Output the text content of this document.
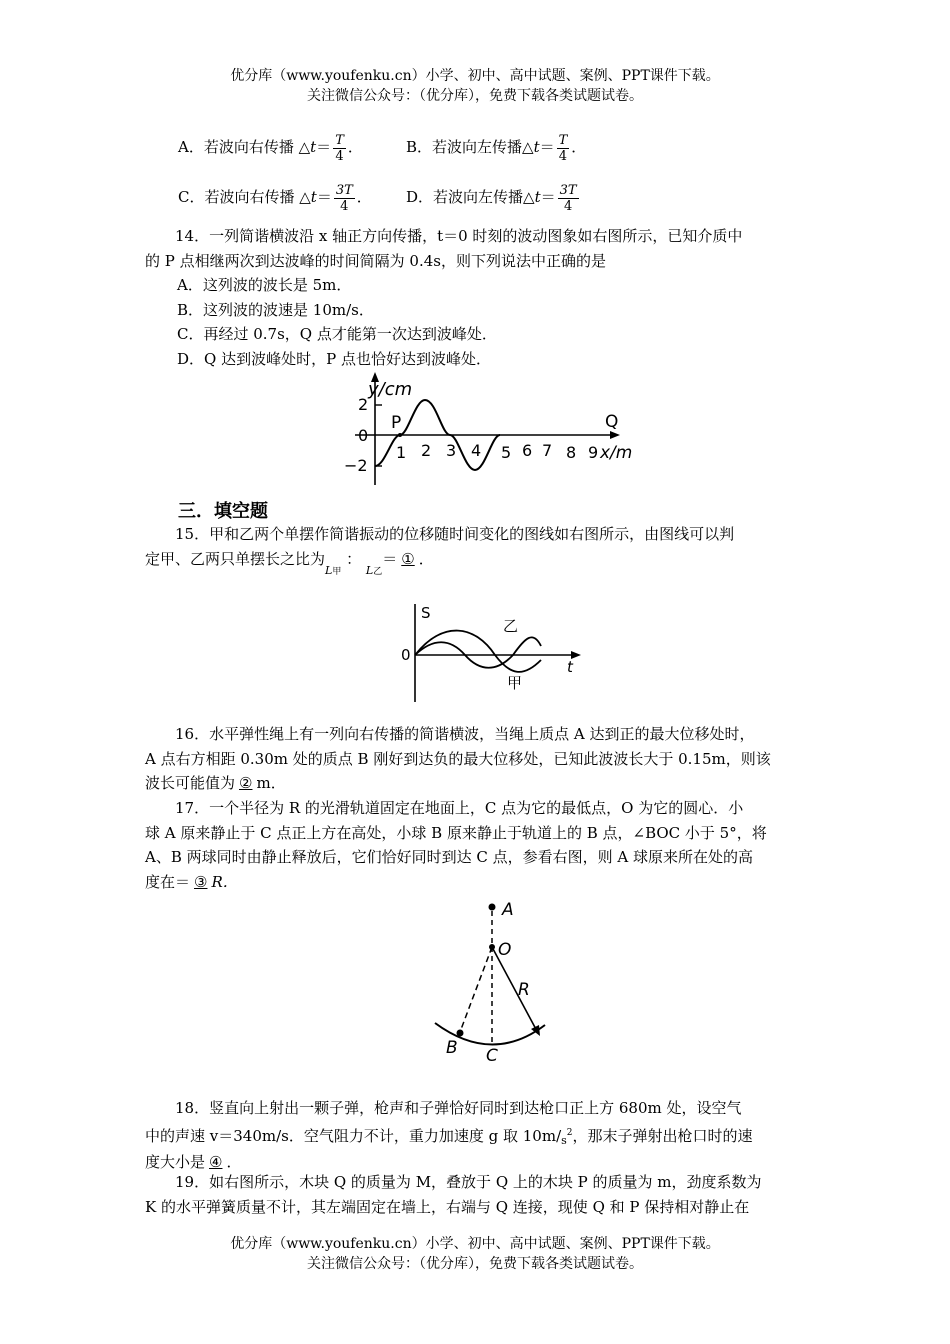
优分库（www.youfenku.cn）小学、初中、高中试题、案例、PPT课件下载。
关注微信公众号：（优分库），免费下载各类试题试卷。
A．若波向右传播 △t＝ $\frac{T}{4}$ ．	B．若波向左传播△t＝ $\frac{T}{4}$ ．
C．若波向右传播 △t＝ $\frac{3T}{4}$ ． D．若波向左传播△t＝ $\frac{3T}{4}$

14．一列简谐横波沿 x 轴正方向传播，t＝0 时刻的波动图象如右图所示，已知介质中

的 P 点相继两次到达波峰的时间简隔为 0.4s，则下列说法中正确的是

A．这列波的波长是 5m．

B．这列波的波速是 10m/s．

C．再经过 0.7s，Q 点才能第一次达到波峰处．

D．Q 达到波峰处时，P 点也恰好达到波峰处．

y/cm
2
0
−2
P	Q
1 2 3 4 5 6 7 8 9 x/m
三．填空题

15．甲和乙两个单摆作简谐振动的位移随时间变化的图线如右图所示，由图线可以判

定甲、乙两只单摆长之比为$_{L甲}$ ： $_{L乙}$＝ ① ．

S
0
t
乙
甲

16．水平弹性绳上有一列向右传播的简谐横波，当绳上质点 A 达到正的最大位移处时，

A 点右方相距 0.30m 处的质点 B 刚好到达负的最大位移处，已知此波波长大于 0.15m，则该

波长可能值为 ② m．

17．一个半径为 R 的光滑轨道固定在地面上，C 点为它的最低点，O 为它的圆心．小

球 A 原来静止于 C 点正上方在高处，小球 B 原来静止于轨道上的 B 点，∠BOC 小于 5°，将

A、B 两球同时由静止释放后，它们恰好同时到达 C 点，参看右图，则 A 球原来所在处的高

度在＝ ③ R．

A
O
R
B C

18．竖直向上射出一颗子弹，枪声和子弹恰好同时到达枪口正上方 680m 处，设空气

中的声速 v＝340m/s．空气阻力不计，重力加速度 g 取 $10m/_s^2$，那末子弹射出枪口时的速

度大小是 ④ ．

19．如右图所示，木块 Q 的质量为 M，叠放于 Q 上的木块 P 的质量为 m，劲度系数为

K 的水平弹簧质量不计，其左端固定在墙上，右端与 Q 连接，现使 Q 和 P 保持相对静止在

优分库（www.youfenku.cn）小学、初中、高中试题、案例、PPT课件下载。
关注微信公众号：（优分库），免费下载各类试题试卷。
